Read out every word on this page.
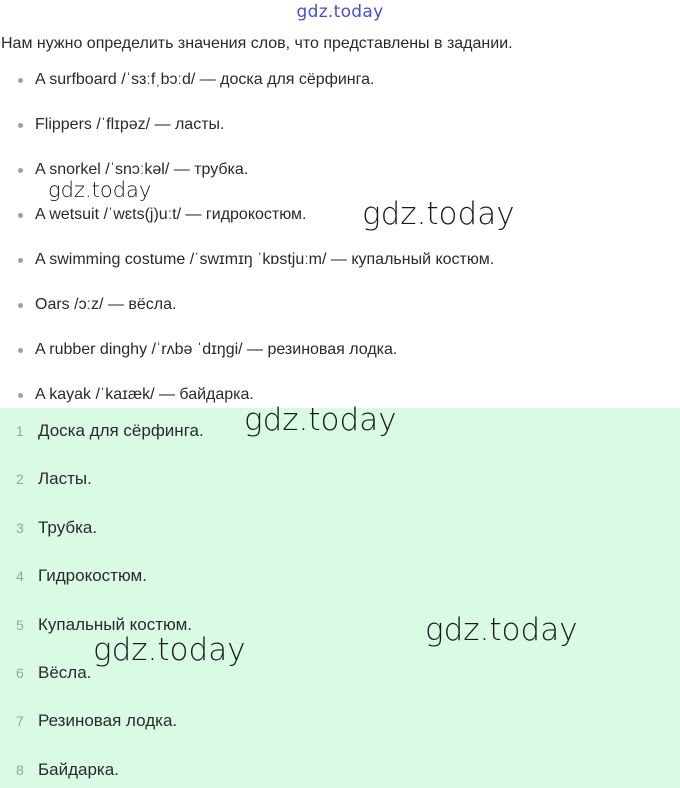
gdz.today
Нам нужно определить значения слов, что представлены в задании.
A surfboard /ˈsɜːfˌbɔːd/ — доска для сёрфинга.
Flippers /ˈflɪpəz/ — ласты.
A snorkel /ˈsnɔːkəl/ — трубка.
A wetsuit /ˈwɛts(j)uːt/ — гидрокостюм.
A swimming costume /ˈswɪmɪŋ ˈkɒstjuːm/ — купальный костюм.
Oars /ɔːz/ — вёсла.
A rubber dinghy /ˈrʌbə ˈdɪŋgi/ — резиновая лодка.
A kayak /ˈkaɪæk/ — байдарка.
1 Доска для сёрфинга.
2 Ласты.
3 Трубка.
4 Гидрокостюм.
5 Купальный костюм.
6 Вёсла.
7 Резиновая лодка.
8 Байдарка.
gdz.today
gdz.today
gdz.today
gdz.today
gdz.today
